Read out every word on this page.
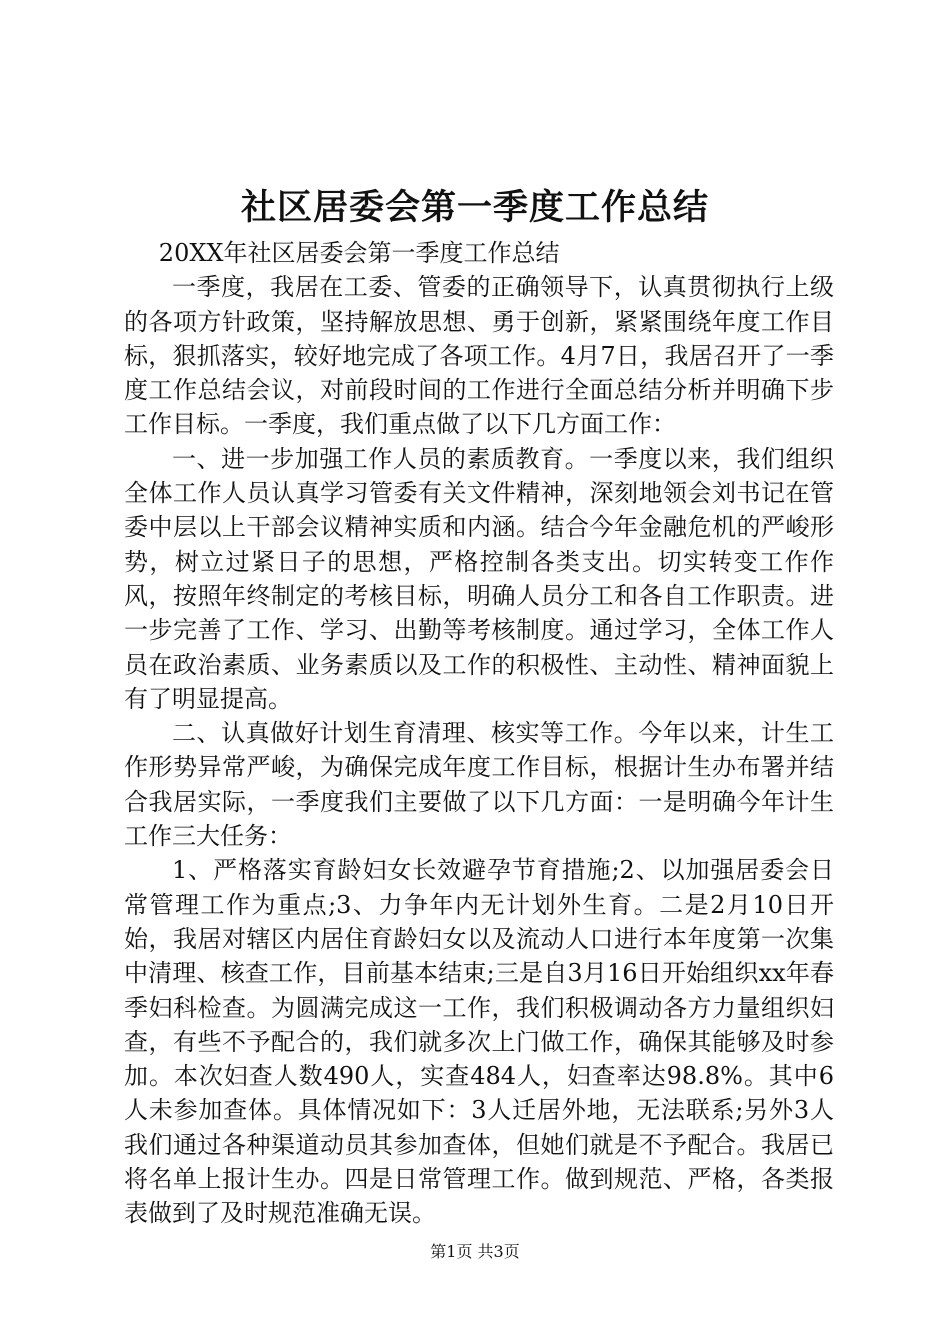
社区居委会第一季度工作总结

20XX年社区居委会第一季度工作总结

一季度，我居在工委、管委的正确领导下，认真贯彻执行上级的各项方针政策，坚持解放思想、勇于创新，紧紧围绕年度工作目标，狠抓落实，较好地完成了各项工作。4月7日，我居召开了一季度工作总结会议，对前段时间的工作进行全面总结分析并明确下步工作目标。一季度，我们重点做了以下几方面工作：

一、进一步加强工作人员的素质教育。一季度以来，我们组织全体工作人员认真学习管委有关文件精神，深刻地领会刘书记在管委中层以上干部会议精神实质和内涵。结合今年金融危机的严峻形势，树立过紧日子的思想，严格控制各类支出。切实转变工作作风，按照年终制定的考核目标，明确人员分工和各自工作职责。进一步完善了工作、学习、出勤等考核制度。通过学习，全体工作人员在政治素质、业务素质以及工作的积极性、主动性、精神面貌上有了明显提高。

二、认真做好计划生育清理、核实等工作。今年以来，计生工作形势异常严峻，为确保完成年度工作目标，根据计生办布署并结合我居实际，一季度我们主要做了以下几方面：一是明确今年计生工作三大任务：

1、严格落实育龄妇女长效避孕节育措施;2、以加强居委会日常管理工作为重点;3、力争年内无计划外生育。二是2月10日开始，我居对辖区内居住育龄妇女以及流动人口进行本年度第一次集中清理、核查工作，目前基本结束;三是自3月16日开始组织xx年春季妇科检查。为圆满完成这一工作，我们积极调动各方力量组织妇查，有些不予配合的，我们就多次上门做工作，确保其能够及时参加。本次妇查人数490人，实查484人，妇查率达98.8%。其中6人未参加查体。具体情况如下：3人迁居外地，无法联系;另外3人我们通过各种渠道动员其参加查体，但她们就是不予配合。我居已将名单上报计生办。四是日常管理工作。做到规范、严格，各类报表做到了及时规范准确无误。

第1页 共3页
